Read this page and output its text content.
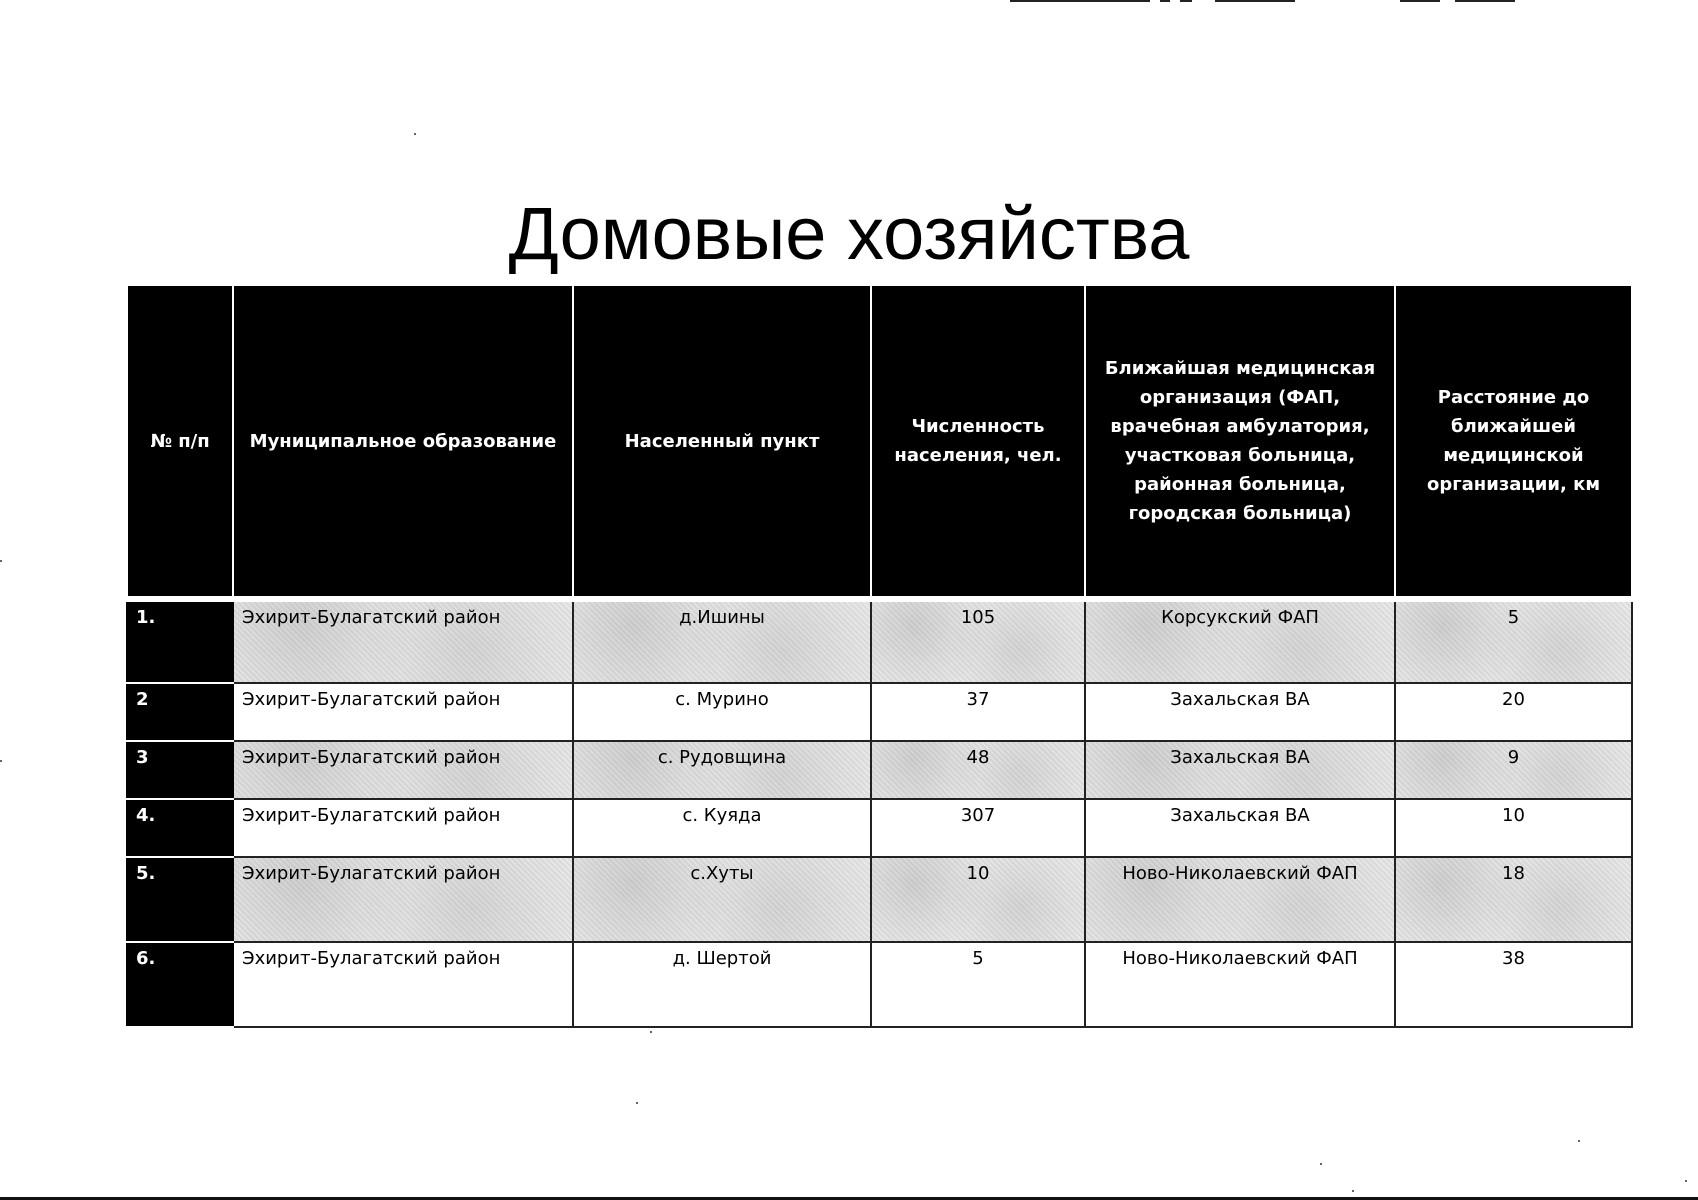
Домовые хозяйства
№ п/п	Муниципальное образование	Населенный пункт	Численность населения, чел.	Ближайшая медицинская организация (ФАП, врачебная амбулатория, участковая больница, районная больница, городская больница)	Расстояние до ближайшей медицинской организации, км
1.	Эхирит-Булагатский район	д.Ишины	105	Корсукский ФАП	5
2	Эхирит-Булагатский район	с. Мурино	37	Захальская ВА	20
3	Эхирит-Булагатский район	с. Рудовщина	48	Захальская ВА	9
4.	Эхирит-Булагатский район	с. Куяда	307	Захальская ВА	10
5.	Эхирит-Булагатский район	с.Хуты	10	Ново-Николаевский ФАП	18
6.	Эхирит-Булагатский район	д. Шертой	5	Ново-Николаевский ФАП	38
